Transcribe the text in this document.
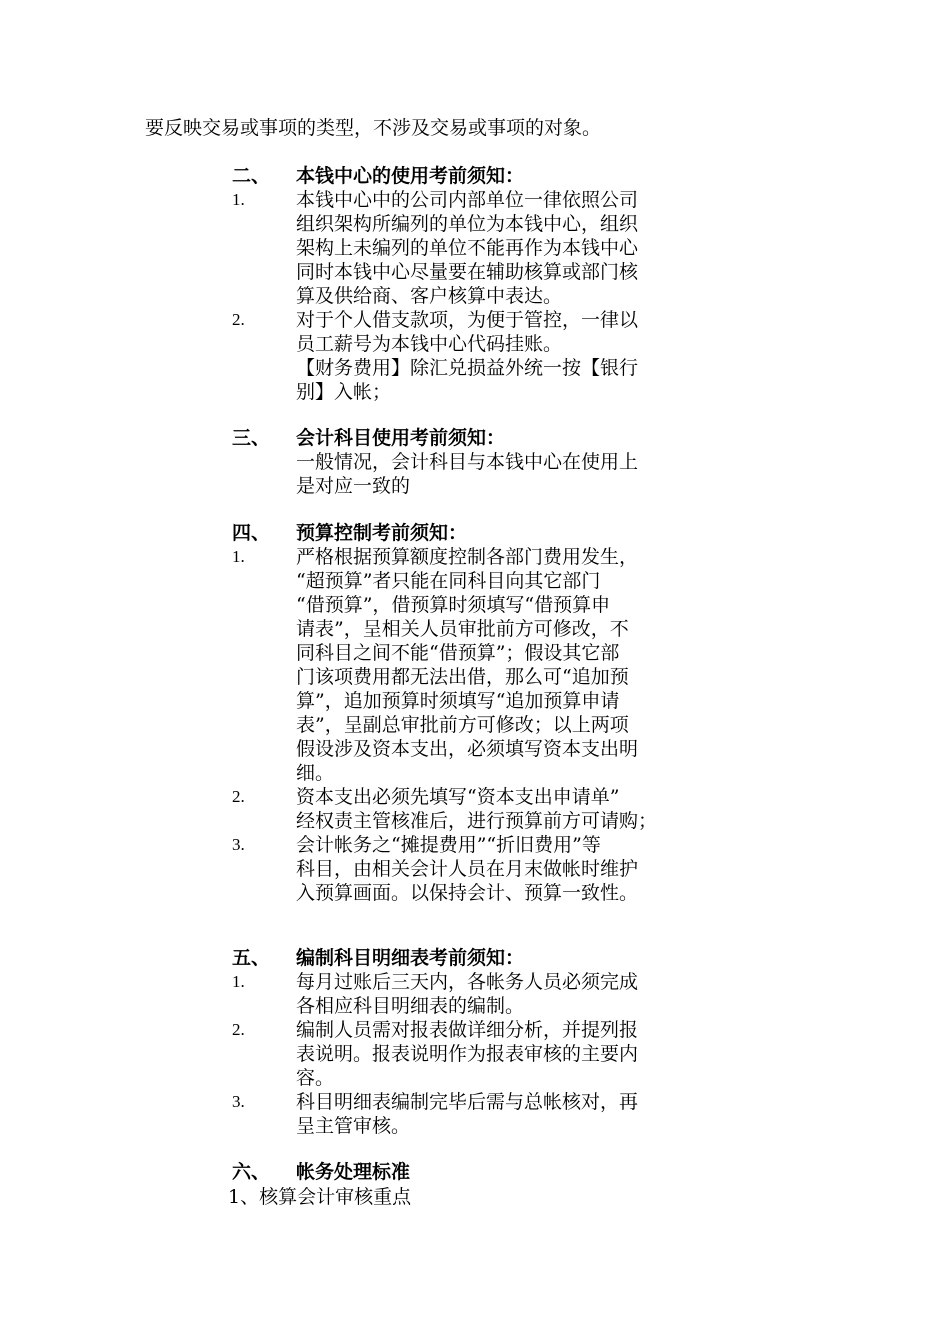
要反映交易或事项的类型，不涉及交易或事项的对象。
二、	本钱中心的使用考前须知：
1.	本钱中心中的公司内部单位一律依照公司
组织架构所编列的单位为本钱中心，组织
架构上未编列的单位不能再作为本钱中心
同时本钱中心尽量要在辅助核算或部门核
算及供给商、客户核算中表达。
2.	对于个人借支款项，为便于管控，一律以
员工薪号为本钱中心代码挂账。
【财务费用】除汇兑损益外统一按【银行
别】入帐；
三、	会计科目使用考前须知：
一般情况，会计科目与本钱中心在使用上
是对应一致的
四、	预算控制考前须知：
1.	严格根据预算额度控制各部门费用发生，
“超预算”者只能在同科目向其它部门
“借预算”，借预算时须填写“借预算申
请表”，呈相关人员审批前方可修改，不
同科目之间不能“借预算”；假设其它部
门该项费用都无法出借，那么可“追加预
算”，追加预算时须填写“追加预算申请
表”，呈副总审批前方可修改；以上两项
假设涉及资本支出，必须填写资本支出明
细。
2.	资本支出必须先填写“资本支出申请单”
经权责主管核准后，进行预算前方可请购；
3.	会计帐务之“摊提费用”“折旧费用”等
科目，由相关会计人员在月末做帐时维护
入预算画面。以保持会计、预算一致性。
五、	编制科目明细表考前须知：
1.	每月过账后三天内，各帐务人员必须完成
各相应科目明细表的编制。
2.	编制人员需对报表做详细分析，并提列报
表说明。报表说明作为报表审核的主要内
容。
3.	科目明细表编制完毕后需与总帐核对，再
呈主管审核。
六、	帐务处理标准
1、核算会计审核重点
